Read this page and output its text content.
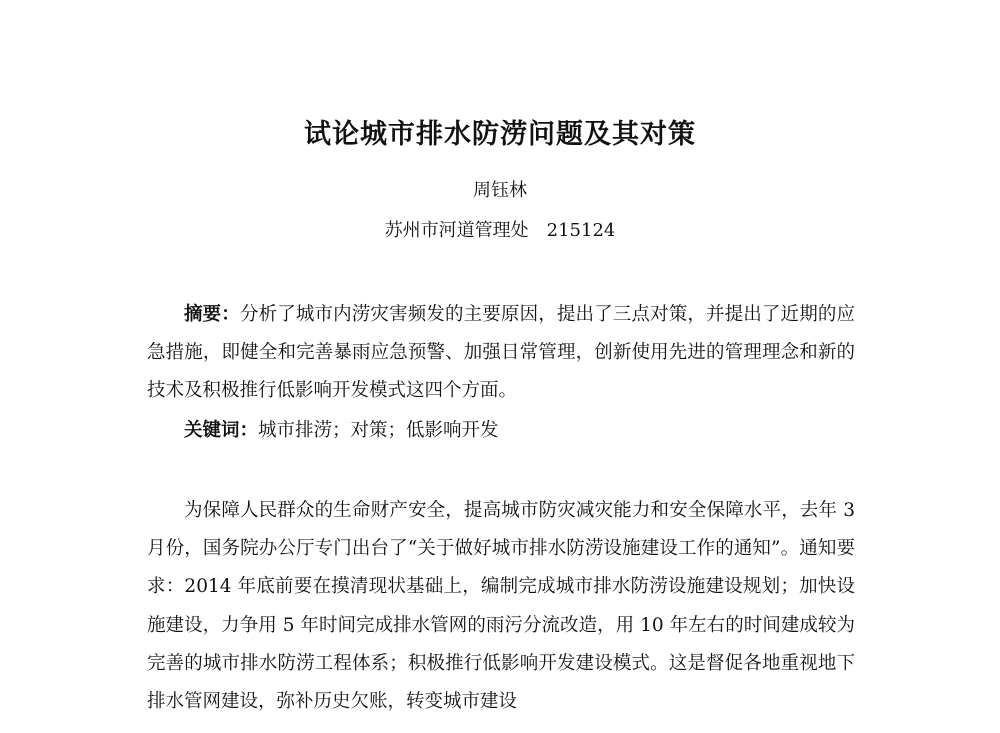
试论城市排水防涝问题及其对策
周钰林
苏州市河道管理处 215124
摘要：分析了城市内涝灾害频发的主要原因，提出了三点对策，并提出了近期的应急措施，即健全和完善暴雨应急预警、加强日常管理，创新使用先进的管理理念和新的技术及积极推行低影响开发模式这四个方面。
关键词：城市排涝；对策；低影响开发
为保障人民群众的生命财产安全，提高城市防灾减灾能力和安全保障水平，去年 3 月份，国务院办公厅专门出台了“关于做好城市排水防涝设施建设工作的通知”。通知要求：2014 年底前要在摸清现状基础上，编制完成城市排水防涝设施建设规划；加快设施建设，力争用 5 年时间完成排水管网的雨污分流改造，用 10 年左右的时间建成较为完善的城市排水防涝工程体系；积极推行低影响开发建设模式。这是督促各地重视地下排水管网建设，弥补历史欠账，转变城市建设
